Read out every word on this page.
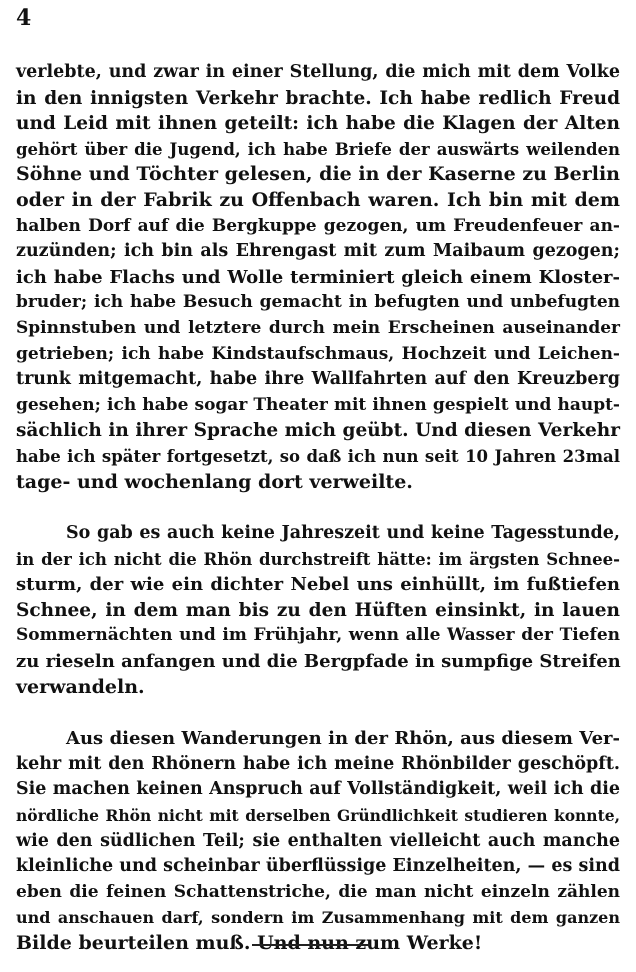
4
verlebte, und zwar in einer Stellung, die mich mit dem Volke
in den innigsten Verkehr brachte. Ich habe redlich Freud
und Leid mit ihnen geteilt: ich habe die Klagen der Alten
gehört über die Jugend, ich habe Briefe der auswärts weilenden
Söhne und Töchter gelesen, die in der Kaserne zu Berlin
oder in der Fabrik zu Offenbach waren. Ich bin mit dem
halben Dorf auf die Bergkuppe gezogen, um Freudenfeuer an-
zuzünden; ich bin als Ehrengast mit zum Maibaum gezogen;
ich habe Flachs und Wolle terminiert gleich einem Kloster-
bruder; ich habe Besuch gemacht in befugten und unbefugten
Spinnstuben und letztere durch mein Erscheinen auseinander
getrieben; ich habe Kindstaufschmaus, Hochzeit und Leichen-
trunk mitgemacht, habe ihre Wallfahrten auf den Kreuzberg
gesehen; ich habe sogar Theater mit ihnen gespielt und haupt-
sächlich in ihrer Sprache mich geübt. Und diesen Verkehr
habe ich später fortgesetzt, so daß ich nun seit 10 Jahren 23mal
tage- und wochenlang dort verweilte.
So gab es auch keine Jahreszeit und keine Tagesstunde,
in der ich nicht die Rhön durchstreift hätte: im ärgsten Schnee-
sturm, der wie ein dichter Nebel uns einhüllt, im fußtiefen
Schnee, in dem man bis zu den Hüften einsinkt, in lauen
Sommernächten und im Frühjahr, wenn alle Wasser der Tiefen
zu rieseln anfangen und die Bergpfade in sumpfige Streifen
verwandeln.
Aus diesen Wanderungen in der Rhön, aus diesem Ver-
kehr mit den Rhönern habe ich meine Rhönbilder geschöpft.
Sie machen keinen Anspruch auf Vollständigkeit, weil ich die
nördliche Rhön nicht mit derselben Gründlichkeit studieren konnte,
wie den südlichen Teil; sie enthalten vielleicht auch manche
kleinliche und scheinbar überflüssige Einzelheiten, — es sind
eben die feinen Schattenstriche, die man nicht einzeln zählen
und anschauen darf, sondern im Zusammenhang mit dem ganzen
Bilde beurteilen muß. Und nun zum Werke!
